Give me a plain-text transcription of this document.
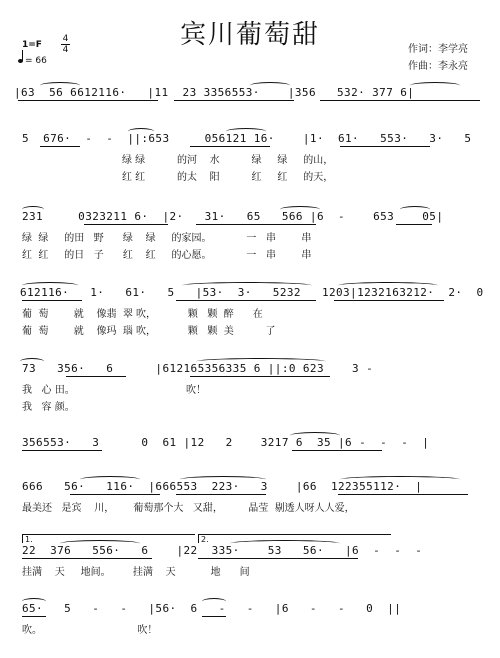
宾川葡萄甜
1=F
4
4
= 66
作词：李学亮
作曲：李永亮
|63  56 6612116·   |11  23 3356553·    |356   532· 377 6|
5  676·  -  -  ||:653     056121 16·    |1·  61·   553·   3·   5
绿 绿          的河    水          绿     绿     的山，
红 红          的太    阳          红     红     的天，
231     0323211 6·  |2·   31·   65   566 |6  -    653    05|
绿  绿     的田   野      绿    绿     的家园。           一   串        串
红  红     的日   子      红    红     的心愿。           一   串        串
612116·   1·   61·   5   |53·  3·   5232   1203|1232163212·  2·  0
葡  萄        就    像翡  翠 吹，          颗   颗  醉      在
葡  萄        就    像玛  瑙 吹，          颗   颗  美          了
73   356·   6      |612165356335 6 ||:0 623    3 -
我   心 田。                                   吹！
我   容 颜。
356553·   3      0  61 |12   2    3217 6  35 |6 -  -  -  |
666   56·   116·  |666553  223·   3    |66  122355112·  |
最美还   是宾    川，      葡萄那个大   又甜，        晶莹  剔透人呀人人爱，
1.	2.
22  376   556·   6    |22  335·    53   56·   |6  -  -  -
挂满    天     地间。       挂满    天           地      间
65·   5   -   -   |56·  6   -   -   |6   -   -   0  ||
吹。                              吹！
